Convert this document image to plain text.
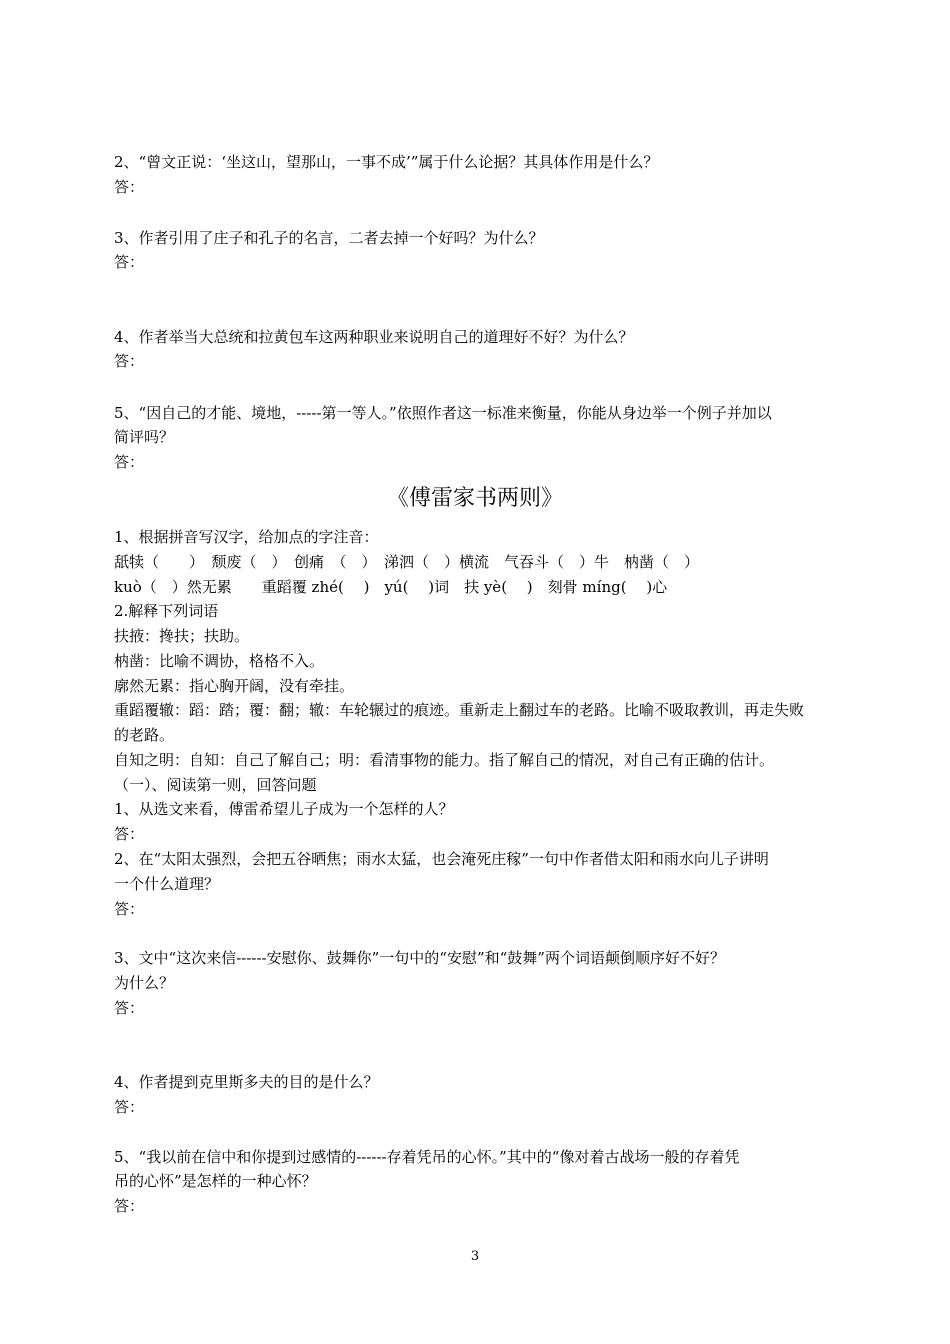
2、“曾文正说：‘坐这山，望那山，一事不成’”属于什么论据？其具体作用是什么？
答：
3、作者引用了庄子和孔子的名言，二者去掉一个好吗？为什么？
答：
4、作者举当大总统和拉黄包车这两种职业来说明自己的道理好不好？为什么？
答：
5、“因自己的才能、境地，-----第一等人。”依照作者这一标准来衡量，你能从身边举一个例子并加以
简评吗？
答：
《傅雷家书两则》
1、根据拼音写汉字，给加点的字注音：
舐犊（　　）　颓废（　）　创痛　（　）　涕泗（　）横流　气吞斗（　）牛　枘凿（　）
kuò（　）然无累　　重蹈覆 zhé(　 )　yú(　 )词　扶 yè(　 )　刻骨 míng(　 )心
2.解释下列词语
扶掖：搀扶；扶助。
枘凿：比喻不调协，格格不入。
廓然无累：指心胸开阔，没有牵挂。
重蹈覆辙：蹈：踏；覆：翻；辙：车轮辗过的痕迹。重新走上翻过车的老路。比喻不吸取教训，再走失败
的老路。
自知之明：自知：自己了解自己；明：看清事物的能力。指了解自己的情况，对自己有正确的估计。
（一）、阅读第一则，回答问题
1、从选文来看，傅雷希望儿子成为一个怎样的人？
答：
2、在“太阳太强烈，会把五谷晒焦；雨水太猛，也会淹死庄稼”一句中作者借太阳和雨水向儿子讲明
一个什么道理？
答：
3、文中“这次来信------安慰你、鼓舞你”一句中的“安慰”和“鼓舞”两个词语颠倒顺序好不好？
为什么？
答：
4、作者提到克里斯多夫的目的是什么？
答：
5、“我以前在信中和你提到过感情的------存着凭吊的心怀。”其中的“像对着古战场一般的存着凭
吊的心怀”是怎样的一种心怀？
答：
3
